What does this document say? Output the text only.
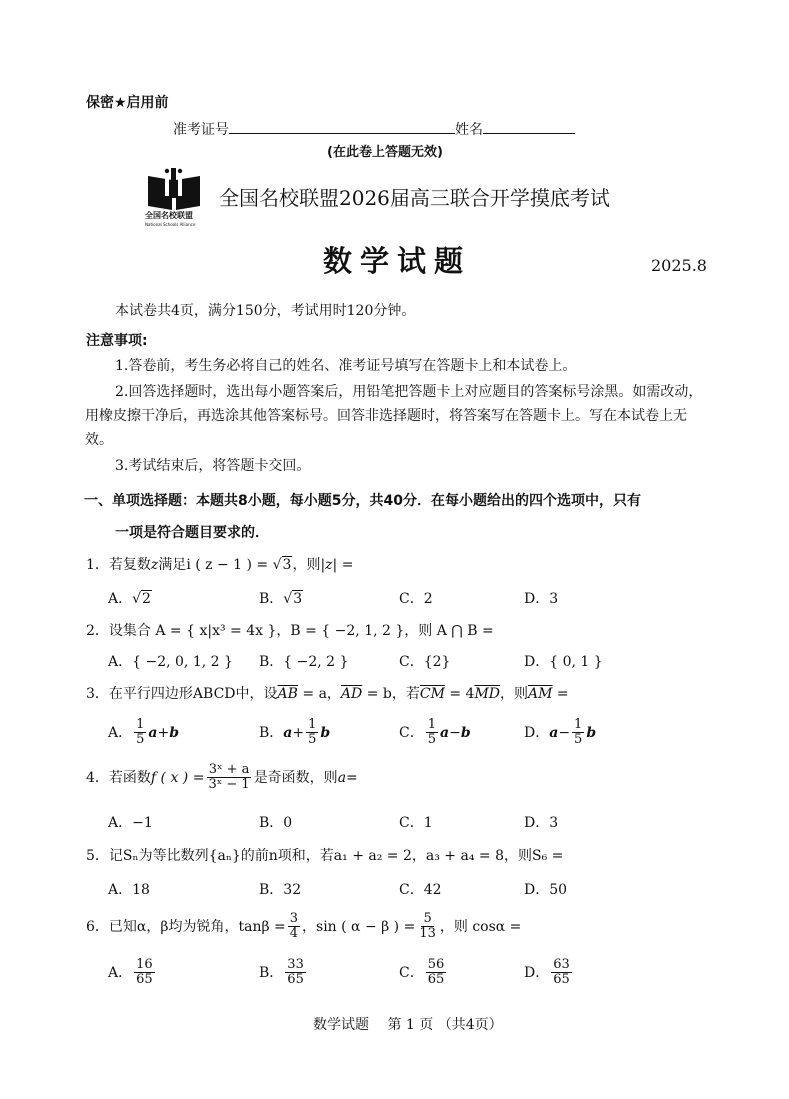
保密★启用前
准考证号	姓名
(在此卷上答题无效)
全国名校联盟
National Schools Alliance
全国名校联盟2026届高三联合开学摸底考试
数学试题	2025.8
本试卷共4页，满分150分，考试用时120分钟。
注意事项:
1.答卷前，考生务必将自己的姓名、准考证号填写在答题卡上和本试卷上。
2.回答选择题时，选出每小题答案后，用铅笔把答题卡上对应题目的答案标号涂黑。如需改动，用橡皮擦干净后，再选涂其他答案标号。回答非选择题时，将答案写在答题卡上。写在本试卷上无效。
3.考试结束后，将答题卡交回。
一、单项选择题：本题共8小题，每小题5分，共40分．在每小题给出的四个选项中，只有
一项是符合题目要求的．
1．若复数z满足i ( z − 1 ) = √3，则|z| =
A．√2	B．√3	C．2	D．3
2．设集合 A = { x|x³ = 4x }，B = { −2, 1, 2 }，则 A ⋂ B =
A．{ −2, 0, 1, 2 } B．{ −2, 2 }	C．{2}	D．{ 0, 1 }
3．在平行四边形ABCD中，设$\overline{AB} = a$，$\overline{AD} = b$，若$\overline{CM} = 4\overline{MD}$，则$\overline{AM}$ =
A． $\frac{1}{5}$ a + b	B． $a + \frac{1}{5}$ b	C． $\frac{1}{5}$ a − b	D． $a - \frac{1}{5}$ b
4． 若函数 f ( x ) = $\frac{\text{3ˣ + a}}{\text{3ˣ − 1}}$ 是奇函数，则 a =
A．−1	B．0	C．1	D．3
5．记Sₙ为等比数列{aₙ}的前n项和，若a₁ + a₂ = 2，a₃ + a₄ = 8，则S₆ =
A．18	B．32	C．42	D．50
6． 已知α，β均为锐角，$\tan\beta = \frac{3}{4}$ ，sin ( α − β ) = $\frac{5}{13}$ ，则 cosα =
A． $\frac{16}{65}$	B． $\frac{33}{65}$	C． $\frac{56}{65}$	D． $\frac{63}{65}$
数学试题　 第 1 页 （共4页）
